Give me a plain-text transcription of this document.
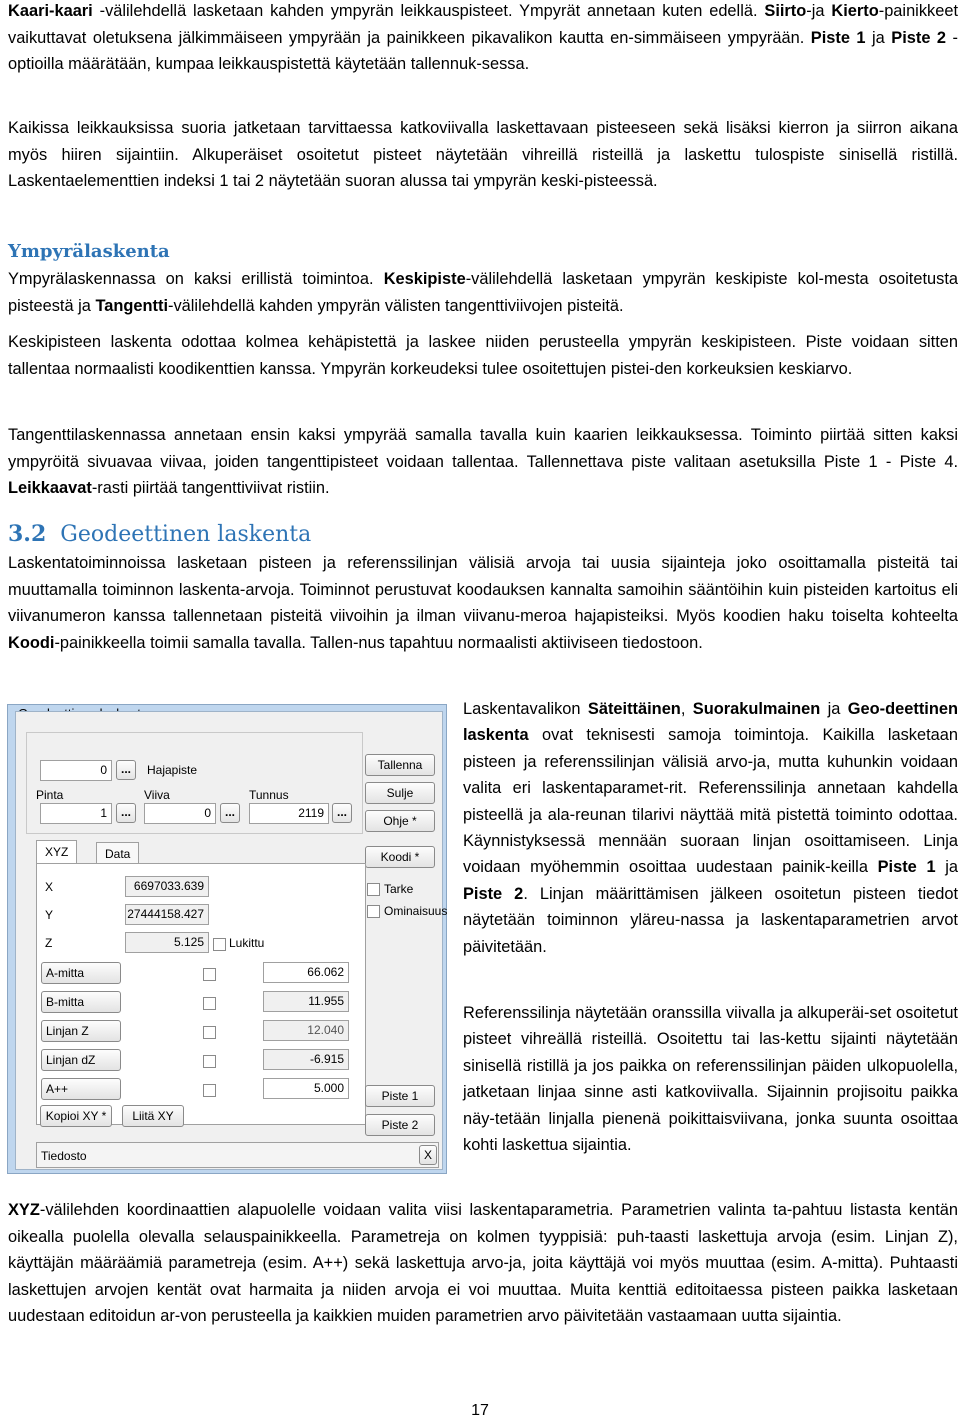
Kaari-kaari -välilehdellä lasketaan kahden ympyrän leikkauspisteet. Ympyrät annetaan kuten edellä. Siirto-ja Kierto-painikkeet vaikuttavat oletuksena jälkimmäiseen ympyrään ja painikkeen pikavalikon kautta en-simmäiseen ympyrään. Piste 1 ja Piste 2 -optioilla määrätään, kumpaa leikkauspistettä käytetään tallennuk-sessa.

Kaikissa leikkauksissa suoria jatketaan tarvittaessa katkoviivalla laskettavaan pisteeseen sekä lisäksi kierron ja siirron aikana myös hiiren sijaintiin. Alkuperäiset osoitetut pisteet näytetään vihreillä risteillä ja laskettu tulospiste sinisellä ristillä. Laskentaelementtien indeksi 1 tai 2 näytetään suoran alussa tai ympyrän keski-pisteessä.

Ympyrälaskenta

Ympyrälaskennassa on kaksi erillistä toimintoa. Keskipiste-välilehdellä lasketaan ympyrän keskipiste kol-mesta osoitetusta pisteestä ja Tangentti-välilehdellä kahden ympyrän välisten tangenttiviivojen pisteitä.

Keskipisteen laskenta odottaa kolmea kehäpistettä ja laskee niiden perusteella ympyrän keskipisteen. Piste voidaan sitten tallentaa normaalisti koodikenttien kanssa. Ympyrän korkeudeksi tulee osoitettujen pistei-den korkeuksien keskiarvo.

Tangenttilaskennassa annetaan ensin kaksi ympyrää samalla tavalla kuin kaarien leikkauksessa. Toiminto piirtää sitten kaksi ympyröitä sivuavaa viivaa, joiden tangenttipisteet voidaan tallentaa. Tallennettava piste valitaan asetuksilla Piste 1 - Piste 4. Leikkaavat-rasti piirtää tangenttiviivat ristiin.

3.2 Geodeettinen laskenta

Laskentatoiminnoissa lasketaan pisteen ja referenssilinjan välisiä arvoja tai uusia sijainteja joko osoittamalla pisteitä tai muuttamalla toiminnon laskenta-arvoja. Toiminnot perustuvat koodauksen kannalta samoihin sääntöihin kuin pisteiden kartoitus eli viivanumeron kanssa tallennetaan pisteitä viivoihin ja ilman viivanu-meroa hajapisteiksi. Myös koodien haku toiselta kohteelta Koodi-painikkeella toimii samalla tavalla. Tallen-nus tapahtuu normaalisti aktiiviseen tiedostoon.

Laskentavalikon Säteittäinen, Suorakulmainen ja Geo-deettinen laskenta ovat teknisesti samoja toimintoja. Kaikilla lasketaan pisteen ja referenssilinjan välisiä arvo-ja, mutta kuhunkin voidaan valita eri laskentaparamet-rit. Referenssilinja annetaan kahdella pisteellä ja ala-reunan tilarivi näyttää mitä pistettä toiminto odottaa. Käynnistyksessä mennään suoraan linjan osoittamiseen. Linja voidaan myöhemmin osoittaa uudestaan painik-keilla Piste 1 ja Piste 2. Linjan määrittämisen jälkeen osoitetun pisteen tiedot näytetään toiminnon yläreu-nassa ja laskentaparametrien arvot päivitetään.

Referenssilinja näytetään oranssilla viivalla ja alkuperäi-set osoitetut pisteet vihreällä risteillä. Osoitettu tai las-kettu sijainti näytetään sinisellä ristillä ja jos paikka on referenssilinjan päiden ulkopuolella, jatketaan linjaa sinne asti katkoviivalla. Sijainnin projisoitu paikka näy-tetään linjalla pienenä poikittaisviivana, jonka suunta osoittaa kohti laskettua sijaintia.

XYZ-välilehden koordinaattien alapuolelle voidaan valita viisi laskentaparametria. Parametrien valinta ta-pahtuu listasta kentän oikealla puolella olevalla selauspainikkeella. Parametreja on kolmen tyyppisiä: puh-taasti laskettuja arvoja (esim. Linjan Z), käyttäjän määräämiä parametreja (esim. A++) sekä laskettuja arvo-ja, joita käyttäjä voi myös muuttaa (esim. A-mitta). Puhtaasti laskettujen arvojen kentät ovat harmaita ja niiden arvoja ei voi muuttaa. Muita kenttiä editoitaessa pisteen paikka lasketaan uudestaan editoidun ar-von perusteella ja kaikkien muiden parametrien arvo päivitetään vastaamaan uutta sijaintia.

17
0	...	Hajapiste
Pinta	Viiva	Tunnus
1	...	0	...	2119	...
Tallenna
Sulje
Ohje *
Koodi *
Tarke
Ominaisuus
XYZ	Data
X	6697033.639
Y	27444158.427
Z	5.125	Lukittu
A-mitta	66.062
B-mitta	11.955
Linjan Z	12.040
Linjan dZ	-6.915
A++	5.000
Piste 1
Piste 2
Kopioi XY *	Liitä XY
Tiedosto	X
